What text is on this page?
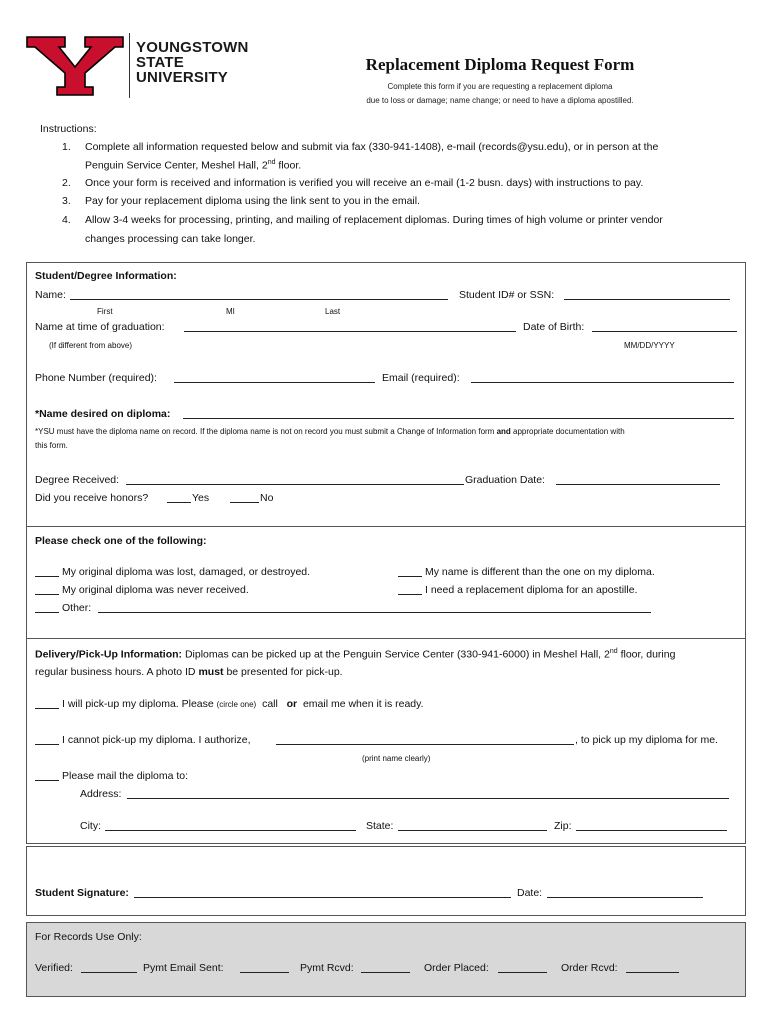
YOUNGSTOWN
STATE
UNIVERSITY
Replacement Diploma Request Form
Complete this form if you are requesting a replacement diploma
due to loss or damage; name change; or need to have a diploma apostilled.
Instructions:
1. Complete all information requested below and submit via fax (330-941-1408), e-mail (records@ysu.edu), or in person at the
Penguin Service Center, Meshel Hall, 2nd floor.
2. Once your form is received and information is verified you will receive an e-mail (1-2 busn. days) with instructions to pay.
3. Pay for your replacement diploma using the link sent to you in the email.
4. Allow 3-4 weeks for processing, printing, and mailing of replacement diplomas. During times of high volume or printer vendor
changes processing can take longer.
Student/Degree Information:
Name:	Student ID# or SSN:
First	MI	Last
Name at time of graduation:	Date of Birth:
(If different from above)	MM/DD/YYYY
Phone Number (required):	Email (required):
*Name desired on diploma:
*YSU must have the diploma name on record. If the diploma name is not on record you must submit a Change of Information form and appropriate documentation with
this form.
Degree Received:	Graduation Date:
Did you receive honors?	Yes	No
Please check one of the following:
My original diploma was lost, damaged, or destroyed.	My name is different than the one on my diploma.
My original diploma was never received.	I need a replacement diploma for an apostille.
Other:
Delivery/Pick-Up Information: Diplomas can be picked up at the Penguin Service Center (330-941-6000) in Meshel Hall, 2nd floor, during
regular business hours. A photo ID must be presented for pick-up.
I will pick-up my diploma. Please (circle one) call or email me when it is ready.
I cannot pick-up my diploma. I authorize,	, to pick up my diploma for me.
(print name clearly)
Please mail the diploma to:
Address:
City:	State:	Zip:
Student Signature:	Date:
For Records Use Only:
Verified:	Pymt Email Sent:	Pymt Rcvd:	Order Placed:	Order Rcvd:
